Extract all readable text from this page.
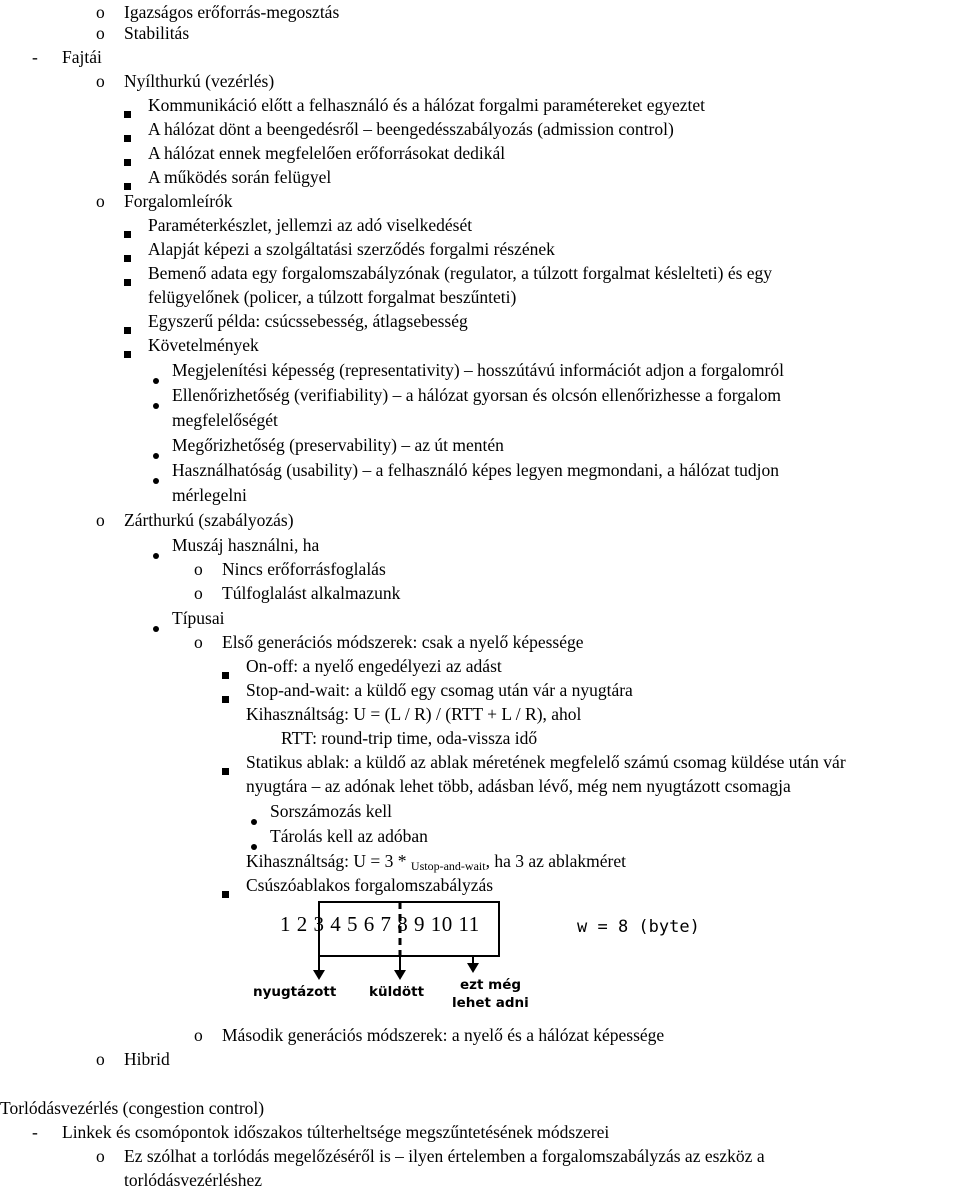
Kihasználtság: U = 3 * $_{Ustop-and-wait}$, ha 3 az ablakméret
1 2 3 4 5 6 7 8 9 10 11	w = 8 (byte)
nyugtázott küldött	ezt még
lehet adni
o Igazságos erőforrás-megosztás
o Stabilitás
- Fajtái
o Nyílthurkú (vezérlés)
Kommunikáció előtt a felhasználó és a hálózat forgalmi paramétereket egyeztet
A hálózat dönt a beengedésről – beengedésszabályozás (admission control)
A hálózat ennek megfelelően erőforrásokat dedikál
A működés során felügyel
o Forgalomleírók
Paraméterkészlet, jellemzi az adó viselkedését
Alapját képezi a szolgáltatási szerződés forgalmi részének
Bemenő adata egy forgalomszabályzónak (regulator, a túlzott forgalmat késlelteti) és egy
felügyelőnek (policer, a túlzott forgalmat beszűnteti)
Egyszerű példa: csúcssebesség, átlagsebesség
Követelmények
Megjelenítési képesség (representativity) – hosszútávú információt adjon a forgalomról
Ellenőrizhetőség (verifiability) – a hálózat gyorsan és olcsón ellenőrizhesse a forgalom
megfelelőségét
Megőrizhetőség (preservability) – az út mentén
Használhatóság (usability) – a felhasználó képes legyen megmondani, a hálózat tudjon
mérlegelni
o Zárthurkú (szabályozás)
Muszáj használni, ha
o Nincs erőforrásfoglalás
o Túlfoglalást alkalmazunk
Típusai
o Első generációs módszerek: csak a nyelő képessége
On-off: a nyelő engedélyezi az adást
Stop-and-wait: a küldő egy csomag után vár a nyugtára
Kihasználtság: U = (L / R) / (RTT + L / R), ahol
RTT: round-trip time, oda-vissza idő
Statikus ablak: a küldő az ablak méretének megfelelő számú csomag küldése után vár
nyugtára – az adónak lehet több, adásban lévő, még nem nyugtázott csomagja
Sorszámozás kell
Tárolás kell az adóban
Csúszóablakos forgalomszabályzás
o Második generációs módszerek: a nyelő és a hálózat képessége
o Hibrid
Torlódásvezérlés (congestion control)
- Linkek és csomópontok időszakos túlterheltsége megszűntetésének módszerei
o Ez szólhat a torlódás megelőzéséről is – ilyen értelemben a forgalomszabályzás az eszköz a
torlódásvezérléshez
